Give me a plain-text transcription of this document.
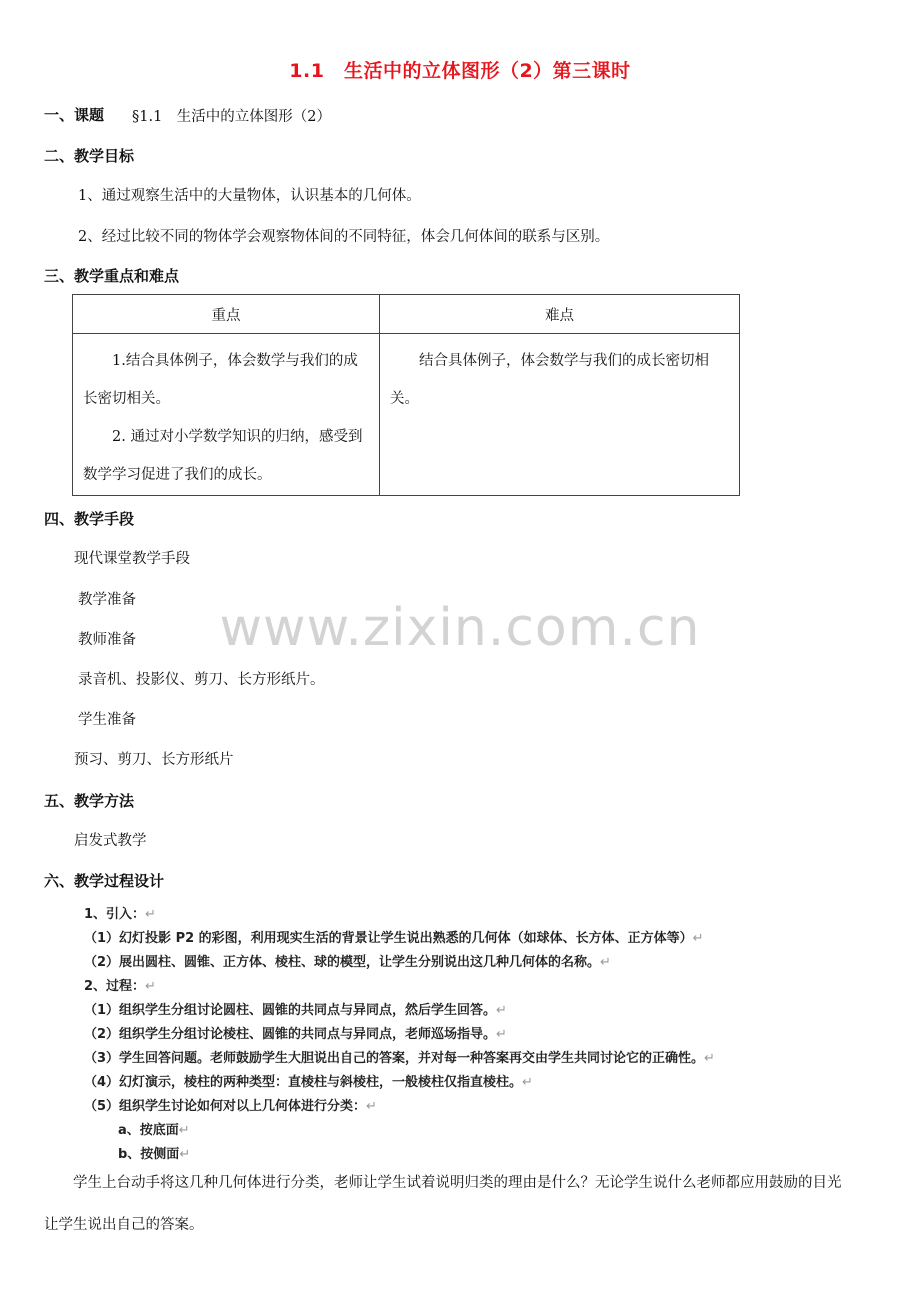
1.1　生活中的立体图形（2）第三课时
一、课题 §1.1　生活中的立体图形（2）
二、教学目标
1、通过观察生活中的大量物体，认识基本的几何体。
2、经过比较不同的物体学会观察物体间的不同特征，体会几何体间的联系与区别。
三、教学重点和难点
重点	难点

1.结合具体例子，体会数学与我们的成长密切相关。
2. 通过对小学数学知识的归纳，感受到数学学习促进了我们的成长。	结合具体例子，体会数学与我们的成长密切相关。
四、教学手段
现代课堂教学手段
教学准备
教师准备
录音机、投影仪、剪刀、长方形纸片。
学生准备
预习、剪刀、长方形纸片
www.zixin.com.cn
五、教学方法
启发式教学
六、教学过程设计
1、引入：↵
（1）幻灯投影 P2 的彩图，利用现实生活的背景让学生说出熟悉的几何体（如球体、长方体、正方体等）↵
（2）展出圆柱、圆锥、正方体、棱柱、球的模型，让学生分别说出这几种几何体的名称。↵
2、过程：↵
（1）组织学生分组讨论圆柱、圆锥的共同点与异同点，然后学生回答。↵
（2）组织学生分组讨论棱柱、圆锥的共同点与异同点，老师巡场指导。↵
（3）学生回答问题。老师鼓励学生大胆说出自己的答案，并对每一种答案再交由学生共同讨论它的正确性。↵
（4）幻灯演示，棱柱的两种类型：直棱柱与斜棱柱，一般棱柱仅指直棱柱。↵
（5）组织学生讨论如何对以上几何体进行分类：↵
a、按底面↵
b、按侧面↵
学生上台动手将这几种几何体进行分类，老师让学生试着说明归类的理由是什么？无论学生说什么老师都应用鼓励的目光让学生说出自己的答案。
